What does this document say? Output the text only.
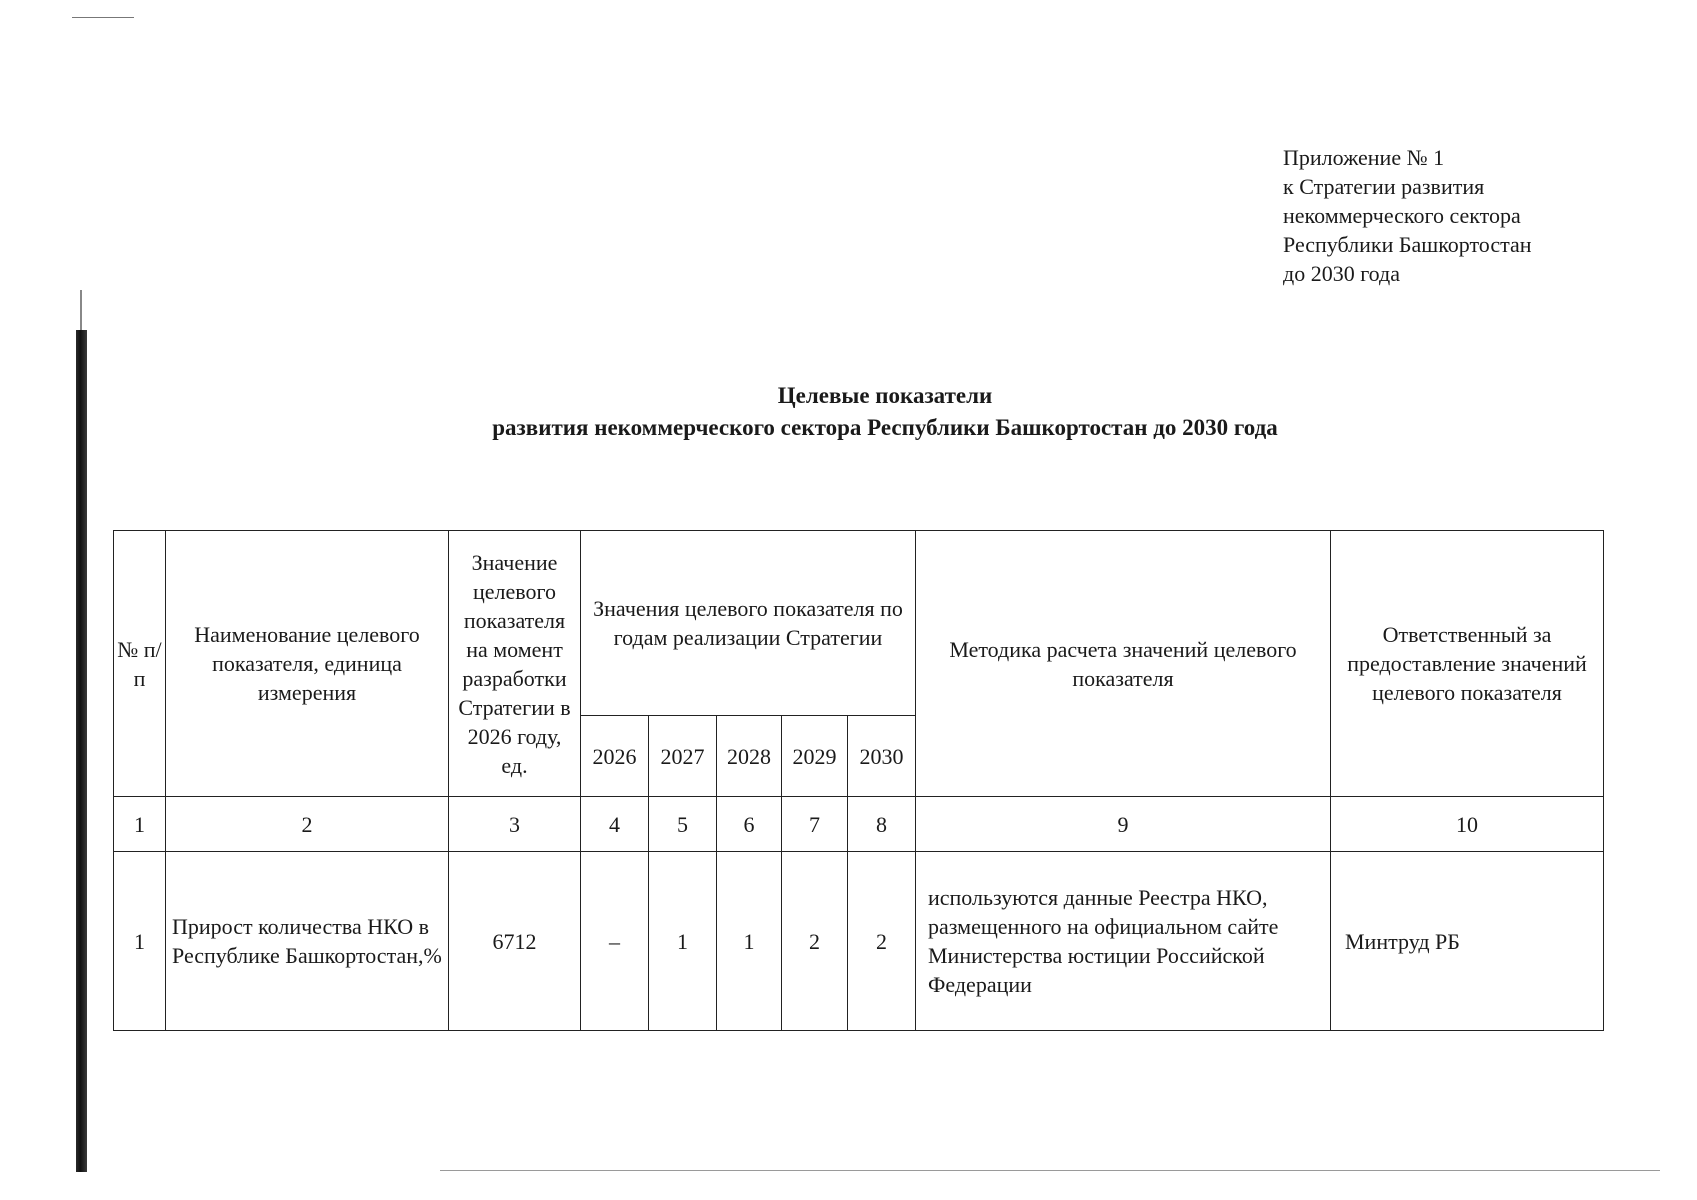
Приложение № 1
к Стратегии развития
некоммерческого сектора
Республики Башкортостан
до 2030 года
Целевые показатели
развития некоммерческого сектора Республики Башкортостан до 2030 года
№ п/п	Наименование целевого показателя, единица измерения	Значение целевого показателя на момент разработки Стратегии в 2026 году, ед.	Значения целевого показателя по годам реализации Стратегии					Методика расчета значений целевого показателя	Ответственный за предоставление значений целевого показателя
			2026	2027	2028	2029	2030		
1	2	3	4	5	6	7	8	9	10
1	Прирост количества НКО в Республике Башкортостан,%	6712	–	1	1	2	2	используются данные Реестра НКО, размещенного на официальном сайте Министерства юстиции Российской Федерации	Минтруд РБ
